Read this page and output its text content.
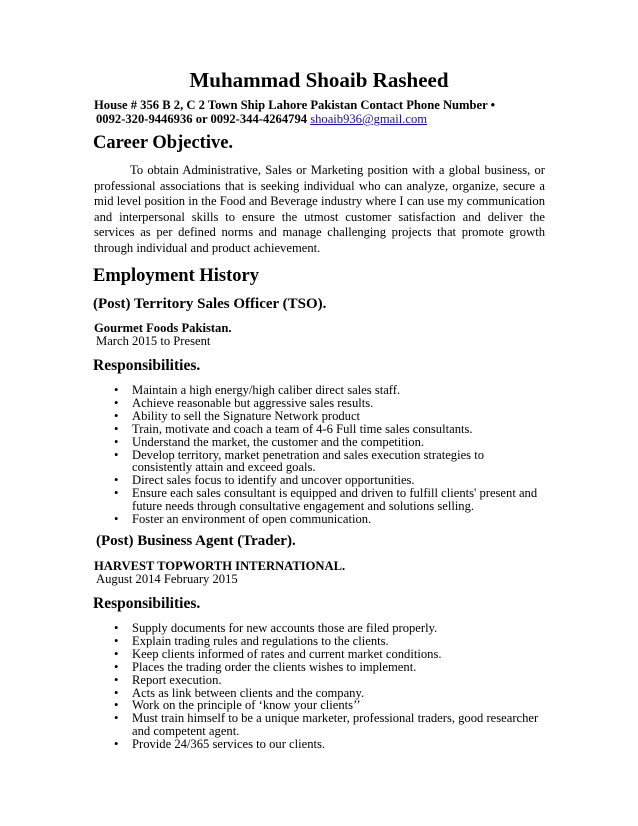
Muhammad Shoaib Rasheed
House # 356 B 2, C 2 Town Ship Lahore Pakistan Contact Phone Number •
0092-320-9446936 or 0092-344-4264794 shoaib936@gmail.com
Career Objective.
To obtain Administrative, Sales or Marketing position with a global business, or professional associations that is seeking individual who can analyze, organize, secure a mid level position in the Food and Beverage industry where I can use my communication and interpersonal skills to ensure the utmost customer satisfaction and deliver the services as per defined norms and manage challenging projects that promote growth through individual and product achievement.
Employment History
(Post) Territory Sales Officer (TSO).
Gourmet Foods Pakistan.
March 2015 to Present
Responsibilities.
• Maintain a high energy/high caliber direct sales staff.
• Achieve reasonable but aggressive sales results.
• Ability to sell the Signature Network product
• Train, motivate and coach a team of 4-6 Full time sales consultants.
• Understand the market, the customer and the competition.
• Develop territory, market penetration and sales execution strategies to consistently attain and exceed goals.
• Direct sales focus to identify and uncover opportunities.
• Ensure each sales consultant is equipped and driven to fulfill clients' present and future needs through consultative engagement and solutions selling.
• Foster an environment of open communication.
(Post) Business Agent (Trader).
HARVEST TOPWORTH INTERNATIONAL.
August 2014 February 2015
Responsibilities.
• Supply documents for new accounts those are filed properly.
• Explain trading rules and regulations to the clients.
• Keep clients informed of rates and current market conditions.
• Places the trading order the clients wishes to implement.
• Report execution.
• Acts as link between clients and the company.
• Work on the principle of ‘know your clients’’
• Must train himself to be a unique marketer, professional traders, good researcher and competent agent.
• Provide 24/365 services to our clients.
